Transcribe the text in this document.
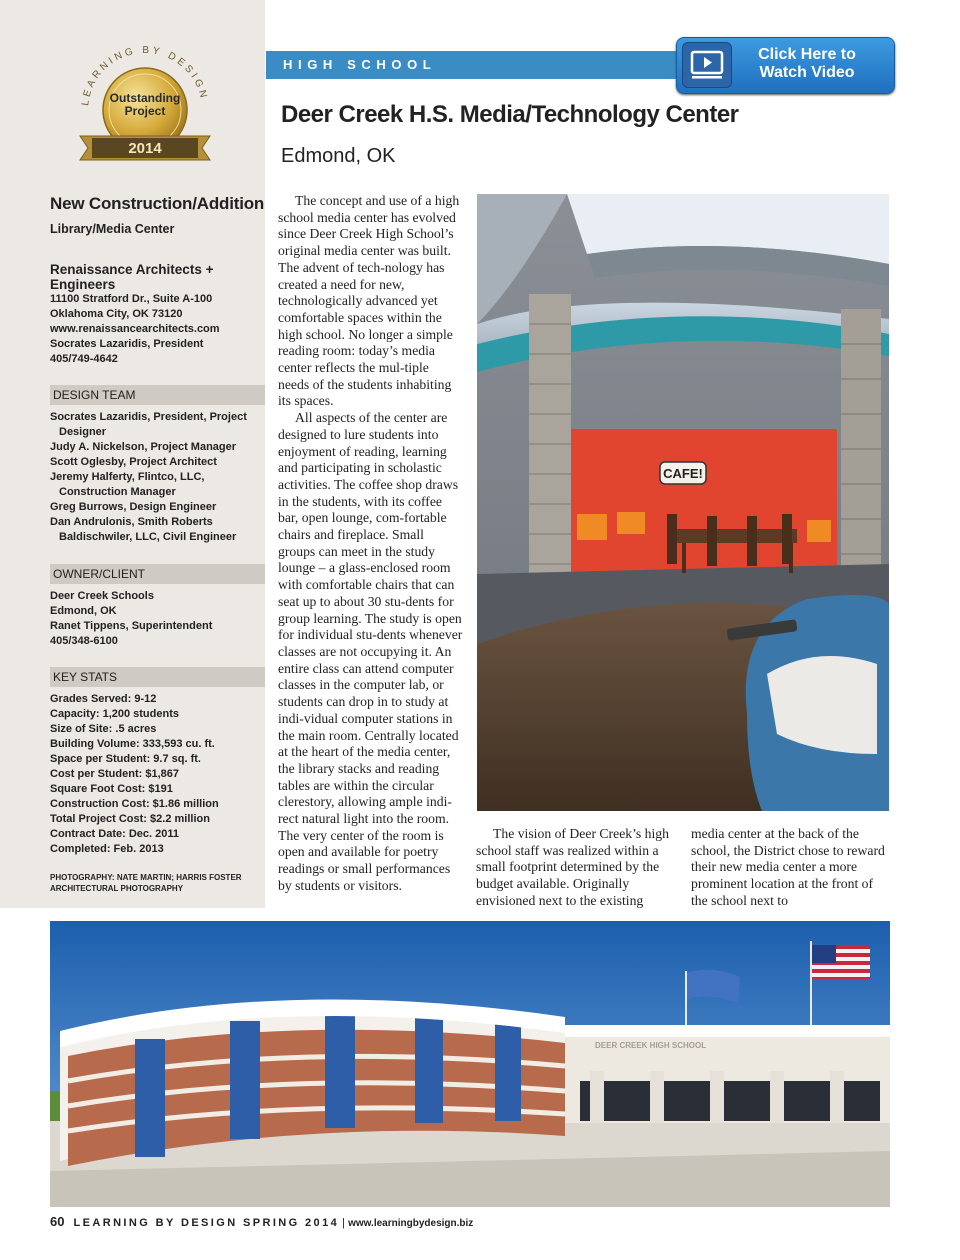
LEARNING BY DESIGN
Outstanding
Project
2014
New Construction/Addition
Library/Media Center
Renaissance Architects +
Engineers
11100 Stratford Dr., Suite A-100
Oklahoma City, OK 73120
www.renaissancearchitects.com
Socrates Lazaridis, President
405/749-4642
DESIGN TEAM
Socrates Lazaridis, President, Project
Designer
Judy A. Nickelson, Project Manager
Scott Oglesby, Project Architect
Jeremy Halferty, Flintco, LLC,
Construction Manager
Greg Burrows, Design Engineer
Dan Andrulonis, Smith Roberts
Baldischwiler, LLC, Civil Engineer
OWNER/CLIENT
Deer Creek Schools
Edmond, OK
Ranet Tippens, Superintendent
405/348-6100
KEY STATS
Grades Served: 9-12
Capacity: 1,200 students
Size of Site: .5 acres
Building Volume: 333,593 cu. ft.
Space per Student: 9.7 sq. ft.
Cost per Student: $1,867
Square Foot Cost: $191
Construction Cost: $1.86 million
Total Project Cost: $2.2 million
Contract Date: Dec. 2011
Completed: Feb. 2013
PHOTOGRAPHY: NATE MARTIN; HARRIS FOSTER
ARCHITECTURAL PHOTOGRAPHY
HIGH SCHOOL
Click Here to
Watch Video
Deer Creek H.S. Media/Technology Center
Edmond, OK

The concept and use of a high school media center has evolved since Deer Creek High School’s original media center was built. The advent of tech-nology has created a need for new, technologically advanced yet comfortable spaces within the high school. No longer a simple reading room: today’s media center reflects the mul-tiple needs of the students inhabiting its spaces.

All aspects of the center are designed to lure students into enjoyment of reading, learning and participating in scholastic activities. The coffee shop draws in the students, with its coffee bar, open lounge, com-fortable chairs and fireplace. Small groups can meet in the study lounge – a glass-enclosed room with comfortable chairs that can seat up to about 30 stu-dents for group learning. The study is open for individual stu-dents whenever classes are not occupying it. An entire class can attend computer classes in the computer lab, or students can drop in to study at indi-vidual computer stations in the main room. Centrally located at the heart of the media center, the library stacks and reading tables are within the circular clerestory, allowing ample indi-rect natural light into the room. The very center of the room is open and available for poetry readings or small performances by students or visitors.

The vision of Deer Creek’s high school staff was realized within a small footprint determined by the budget available. Originally envisioned next to the existing

media center at the back of the school, the District chose to reward their new media center a more prominent location at the front of the school next to

CAFE!
DEER CREEK HIGH SCHOOL
60 LEARNING BY DESIGN SPRING 2014 | www.learningbydesign.biz
